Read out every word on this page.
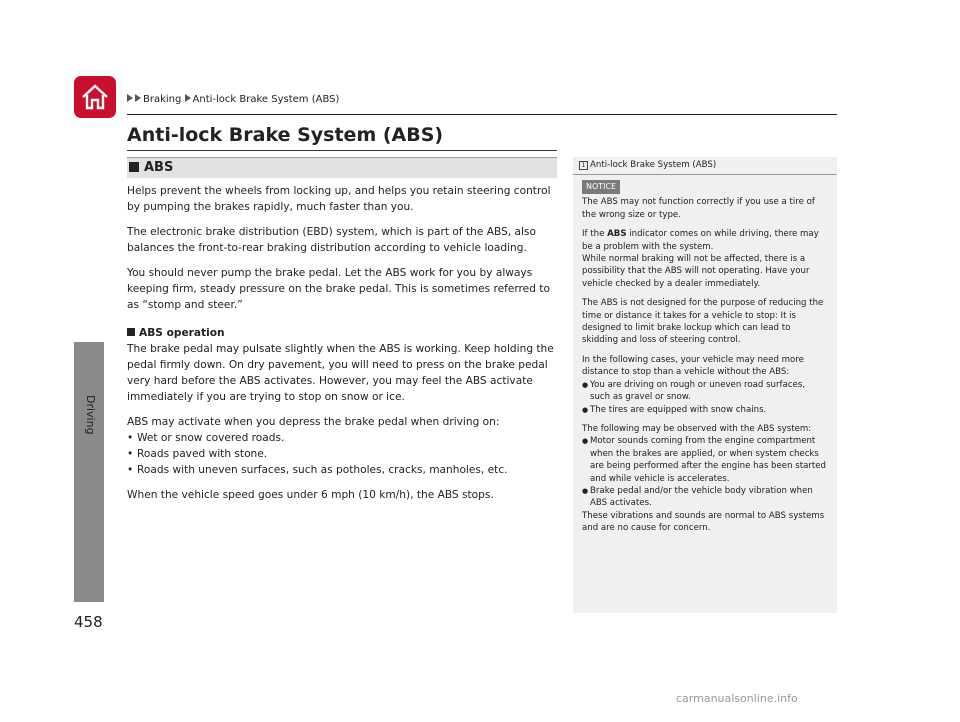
Braking Anti-lock Brake System (ABS)
Driving
458
Anti-lock Brake System (ABS)
ABS

Helps prevent the wheels from locking up, and helps you retain steering control by pumping the brakes rapidly, much faster than you.

The electronic brake distribution (EBD) system, which is part of the ABS, also balances the front-to-rear braking distribution according to vehicle loading.

You should never pump the brake pedal. Let the ABS work for you by always keeping firm, steady pressure on the brake pedal. This is sometimes referred to as “stomp and steer.”

ABS operation

The brake pedal may pulsate slightly when the ABS is working. Keep holding the pedal firmly down. On dry pavement, you will need to press on the brake pedal very hard before the ABS activates. However, you may feel the ABS activate immediately if you are trying to stop on snow or ice.

ABS may activate when you depress the brake pedal when driving on:

• Wet or snow covered roads.
• Roads paved with stone.
• Roads with uneven surfaces, such as potholes, cracks, manholes, etc.

When the vehicle speed goes under 6 mph (10 km/h), the ABS stops.

1 Anti-lock Brake System (ABS)
NOTICE

The ABS may not function correctly if you use a tire of the wrong size or type.

If the ABS indicator comes on while driving, there may be a problem with the system.

While normal braking will not be affected, there is a possibility that the ABS will not operating. Have your vehicle checked by a dealer immediately.

The ABS is not designed for the purpose of reducing the time or distance it takes for a vehicle to stop: It is designed to limit brake lockup which can lead to skidding and loss of steering control.

In the following cases, your vehicle may need more distance to stop than a vehicle without the ABS:

● You are driving on rough or uneven road surfaces, such as gravel or snow.
● The tires are equipped with snow chains.

The following may be observed with the ABS system:

● Motor sounds coming from the engine compartment when the brakes are applied, or when system checks are being performed after the engine has been started and while vehicle is accelerates.
● Brake pedal and/or the vehicle body vibration when ABS activates.

These vibrations and sounds are normal to ABS systems and are no cause for concern.

carmanualsonline.info
